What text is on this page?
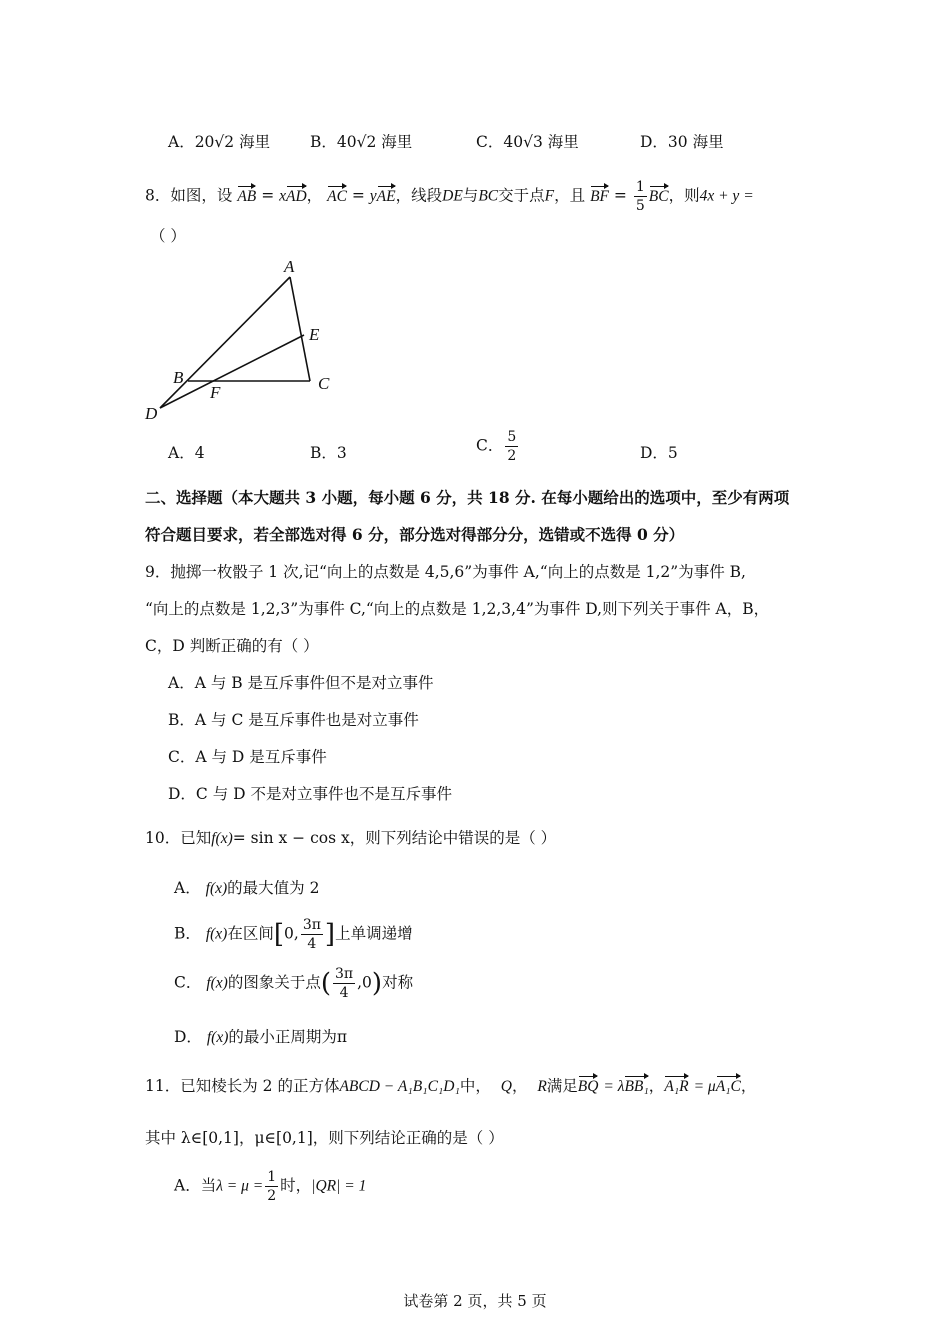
A．20√2 海里	B．40√2 海里	C．40√3 海里	D．30 海里
8．如图，设 AB = xAD， AC = yAE，线段DE与BC交于点F，且 BF = $\frac{1}{5}$ BC，则4x + y =
（ ）
A
E
B
F	C
D
A．4	B．3	C． $\frac{5}{2}$	D．5
二、选择题（本大题共 3 小题，每小题 6 分，共 18 分. 在每小题给出的选项中，至少有两项
符合题目要求，若全部选对得 6 分，部分选对得部分分，选错或不选得 0 分）
9．抛掷一枚骰子 1 次,记“向上的点数是 4,5,6”为事件 A,“向上的点数是 1,2”为事件 B,
“向上的点数是 1,2,3”为事件 C,“向上的点数是 1,2,3,4”为事件 D,则下列关于事件 A，B，
C，D 判断正确的有（ ）
A．A 与 B 是互斥事件但不是对立事件
B．A 与 C 是互斥事件也是对立事件
C．A 与 D 是互斥事件
D．C 与 D 不是对立事件也不是互斥事件
10．已知f(x)= sin x − cos x，则下列结论中错误的是（ ）
A． f(x)的最大值为 2
B． f(x)在区间[0, $\frac{3\pi}{4}$ ]上单调递增
C． f(x)的图象关于点( $\frac{3\pi}{4} ,0$)对称
D． f(x)的最小正周期为π
11．已知棱长为 2 的正方体ABCD − A₁B₁C₁D₁中， Q，  R满足BQ = λBB₁，A₁R = μA₁C，
其中 λ∈[0,1]，μ∈[0,1]，则下列结论正确的是（ ）
A．当$\lambda = \mu = \frac{1}{2}$ 时，|QR| = 1
试卷第 2 页，共 5 页
